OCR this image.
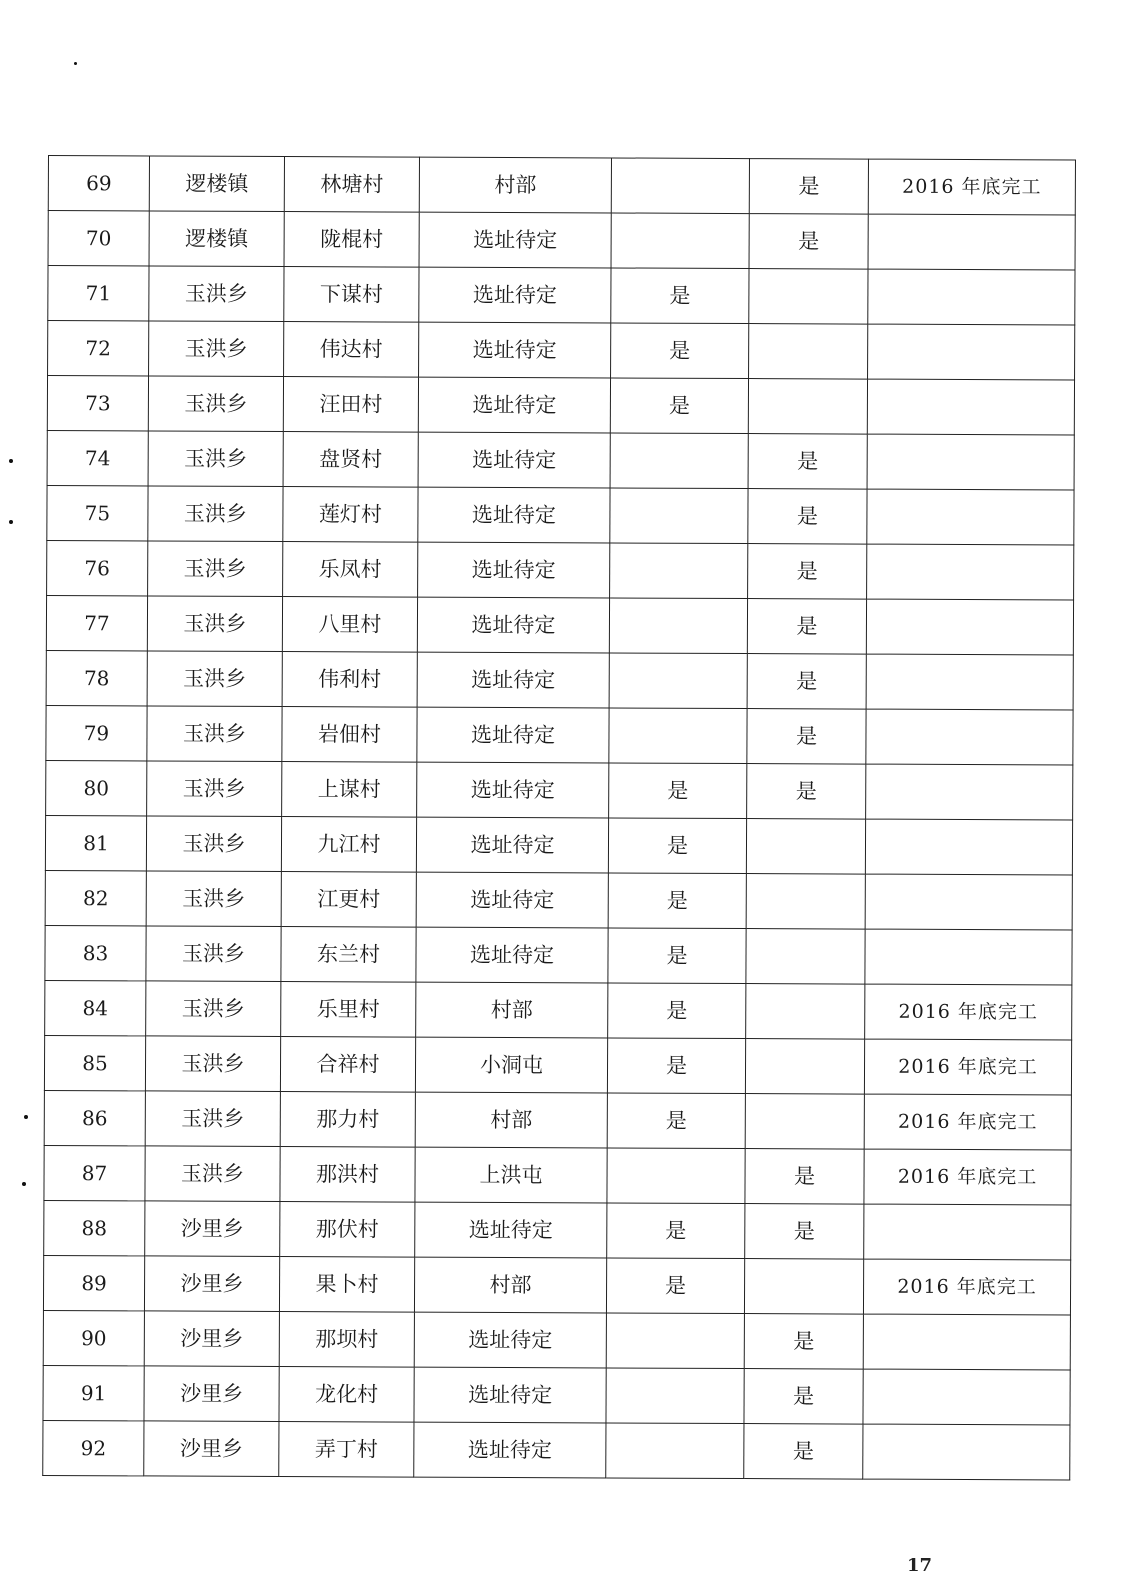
69	逻楼镇	林塘村	村部		是	2016 年底完工
70	逻楼镇	陇棍村	选址待定		是	
71	玉洪乡	下谋村	选址待定	是		
72	玉洪乡	伟达村	选址待定	是		
73	玉洪乡	汪田村	选址待定	是		
74	玉洪乡	盘贤村	选址待定		是	
75	玉洪乡	莲灯村	选址待定		是	
76	玉洪乡	乐凤村	选址待定		是	
77	玉洪乡	八里村	选址待定		是	
78	玉洪乡	伟利村	选址待定		是	
79	玉洪乡	岩佃村	选址待定		是	
80	玉洪乡	上谋村	选址待定	是	是	
81	玉洪乡	九江村	选址待定	是		
82	玉洪乡	江更村	选址待定	是		
83	玉洪乡	东兰村	选址待定	是		
84	玉洪乡	乐里村	村部	是		2016 年底完工
85	玉洪乡	合祥村	小洞屯	是		2016 年底完工
86	玉洪乡	那力村	村部	是		2016 年底完工
87	玉洪乡	那洪村	上洪屯		是	2016 年底完工
88	沙里乡	那伏村	选址待定	是	是	
89	沙里乡	果卜村	村部	是		2016 年底完工
90	沙里乡	那坝村	选址待定		是	
91	沙里乡	龙化村	选址待定		是	
92	沙里乡	弄丁村	选址待定		是	
17
